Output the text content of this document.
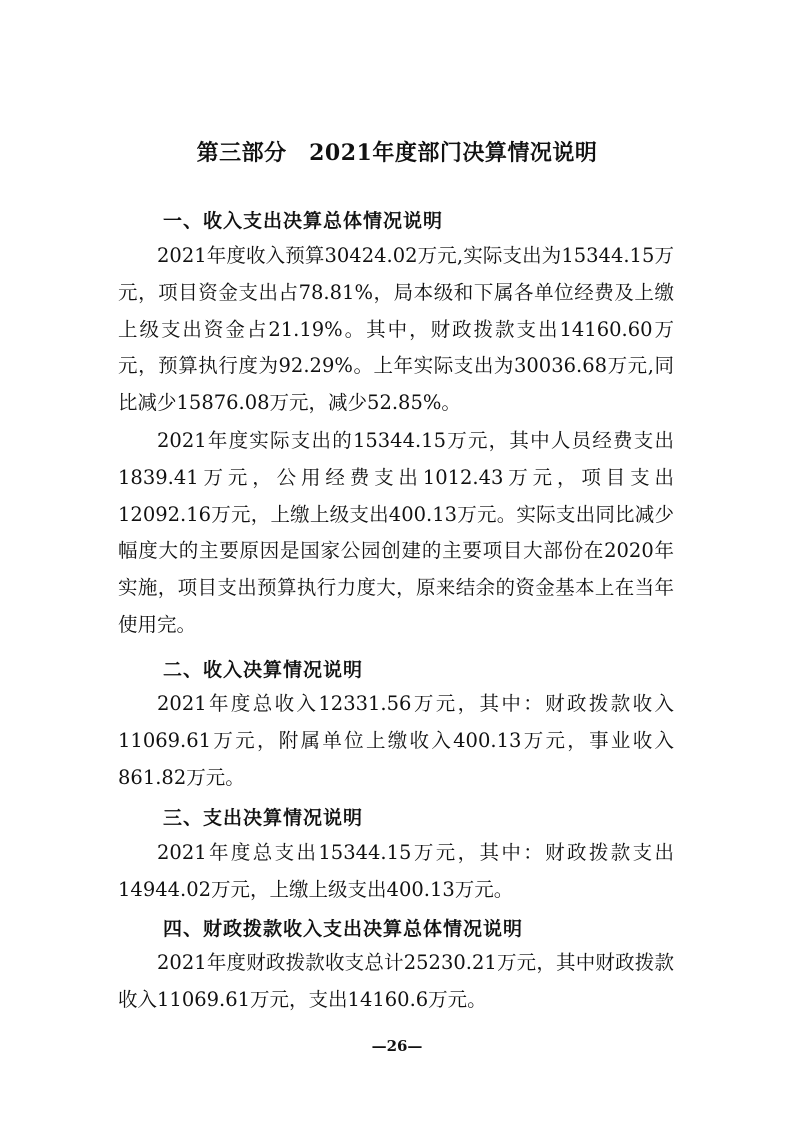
第三部分　2021年度部门决算情况说明
一、收入支出决算总体情况说明
2021年度收入预算30424.02万元,实际支出为15344.15万元，项目资金支出占78.81%，局本级和下属各单位经费及上缴上级支出资金占21.19%。其中，财政拨款支出14160.60万元，预算执行度为92.29%。上年实际支出为30036.68万元,同比减少15876.08万元，减少52.85%。
2021年度实际支出的15344.15万元，其中人员经费支出1839.41万元，公用经费支出1012.43万元，项目支出12092.16万元，上缴上级支出400.13万元。实际支出同比减少幅度大的主要原因是国家公园创建的主要项目大部份在2020年实施，项目支出预算执行力度大，原来结余的资金基本上在当年使用完。
二、收入决算情况说明
2021年度总收入12331.56万元，其中：财政拨款收入11069.61万元，附属单位上缴收入400.13万元，事业收入861.82万元。
三、支出决算情况说明
2021年度总支出15344.15万元，其中：财政拨款支出14944.02万元，上缴上级支出400.13万元。
四、财政拨款收入支出决算总体情况说明
2021年度财政拨款收支总计25230.21万元，其中财政拨款收入11069.61万元，支出14160.6万元。
—26—
